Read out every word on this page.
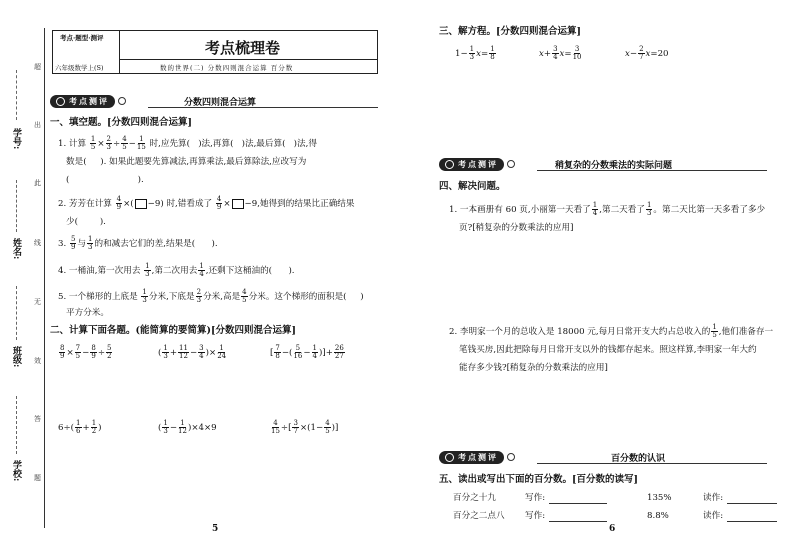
超
出
此
线
无
效
答
题
学号:
姓名:
班级:
学校:
考点·题型·测评
六年级数学上(S)
考点梳理卷
数的世界(二) 分数四则混合运算 百分数
考点测评	分数四则混合运算
一、填空题。[分数四则混合运算]
1. 计算 $\frac{1}{5} \times \frac{2}{3} \div \frac{4}{5} - \frac{1}{15}$ 时,应先算( )法,再算( )法,最后算( )法,得
数是( ). 如果此题要先算减法,再算乘法,最后算除法,应改写为
(	).
2. 芳芳在计算 $\frac{4}{9}$ ×( −9) 时,错看成了 $\frac{4}{9} \times -9$,她得到的结果比正确结果
少(	).
3. $\frac{5}{9}$ 与 $\frac{1}{3}$ 的和减去它们的差,结果是( ).
4. 一桶油,第一次用去 $\frac{1}{3}$ ,第二次用去 $\frac{1}{4}$ ,还剩下这桶油的( ).
5. 一个梯形的上底是 $\frac{1}{3}$ 分米,下底是 $\frac{2}{3}$ 分米,高是 $\frac{4}{5}$ 分米。这个梯形的面积是( )
平方分米。
二、计算下面各题。(能简算的要简算)[分数四则混合运算]
$\frac{8}{9} \times \frac{7}{5} - \frac{8}{9} \div \frac{5}{2}$	( $\frac{1}{3} + \frac{11}{12} - \frac{3}{4}$ )× $\frac{1}{24}$	[ $\frac{7}{8}$ −( $\frac{5}{16} - \frac{1}{4}$ )]+ $\frac{26}{27}$
$6\div( \frac{1}{6} + \frac{1}{2}$ )	( $\frac{1}{3} - \frac{1}{12} )\times 4\times 9$	$\frac{4}{15}$ ÷[ $\frac{3}{7} \times(1- \frac{4}{5}$ )]
5
三、解方程。[分数四则混合运算]
$1- \frac{1}{3} x= \frac{1}{8}$	$x+ \frac{3}{4} x= \frac{3}{10}$	$x- \frac{2}{7} x=20$
考点测评	稍复杂的分数乘法的实际问题
四、解决问题。
1. 一本画册有 60 页,小丽第一天看了 $\frac{1}{4}$ ,第二天看了 $\frac{1}{3}$ 。第二天比第一天多看了多少
页?[稍复杂的分数乘法的应用]
2. 李明家一个月的总收入是 18000 元,每月日常开支大约占总收入的 $\frac{1}{5}$ ,他们准备存一
笔钱买房,因此把除每月日常开支以外的钱都存起来。照这样算,李明家一年大约
能存多少钱?[稍复杂的分数乘法的应用]
考点测评	百分数的认识
五、读出或写出下面的百分数。[百分数的读写]
百分之十九	写作:	135%	读作:
百分之二点八 写作:	8.8%	读作:
6
